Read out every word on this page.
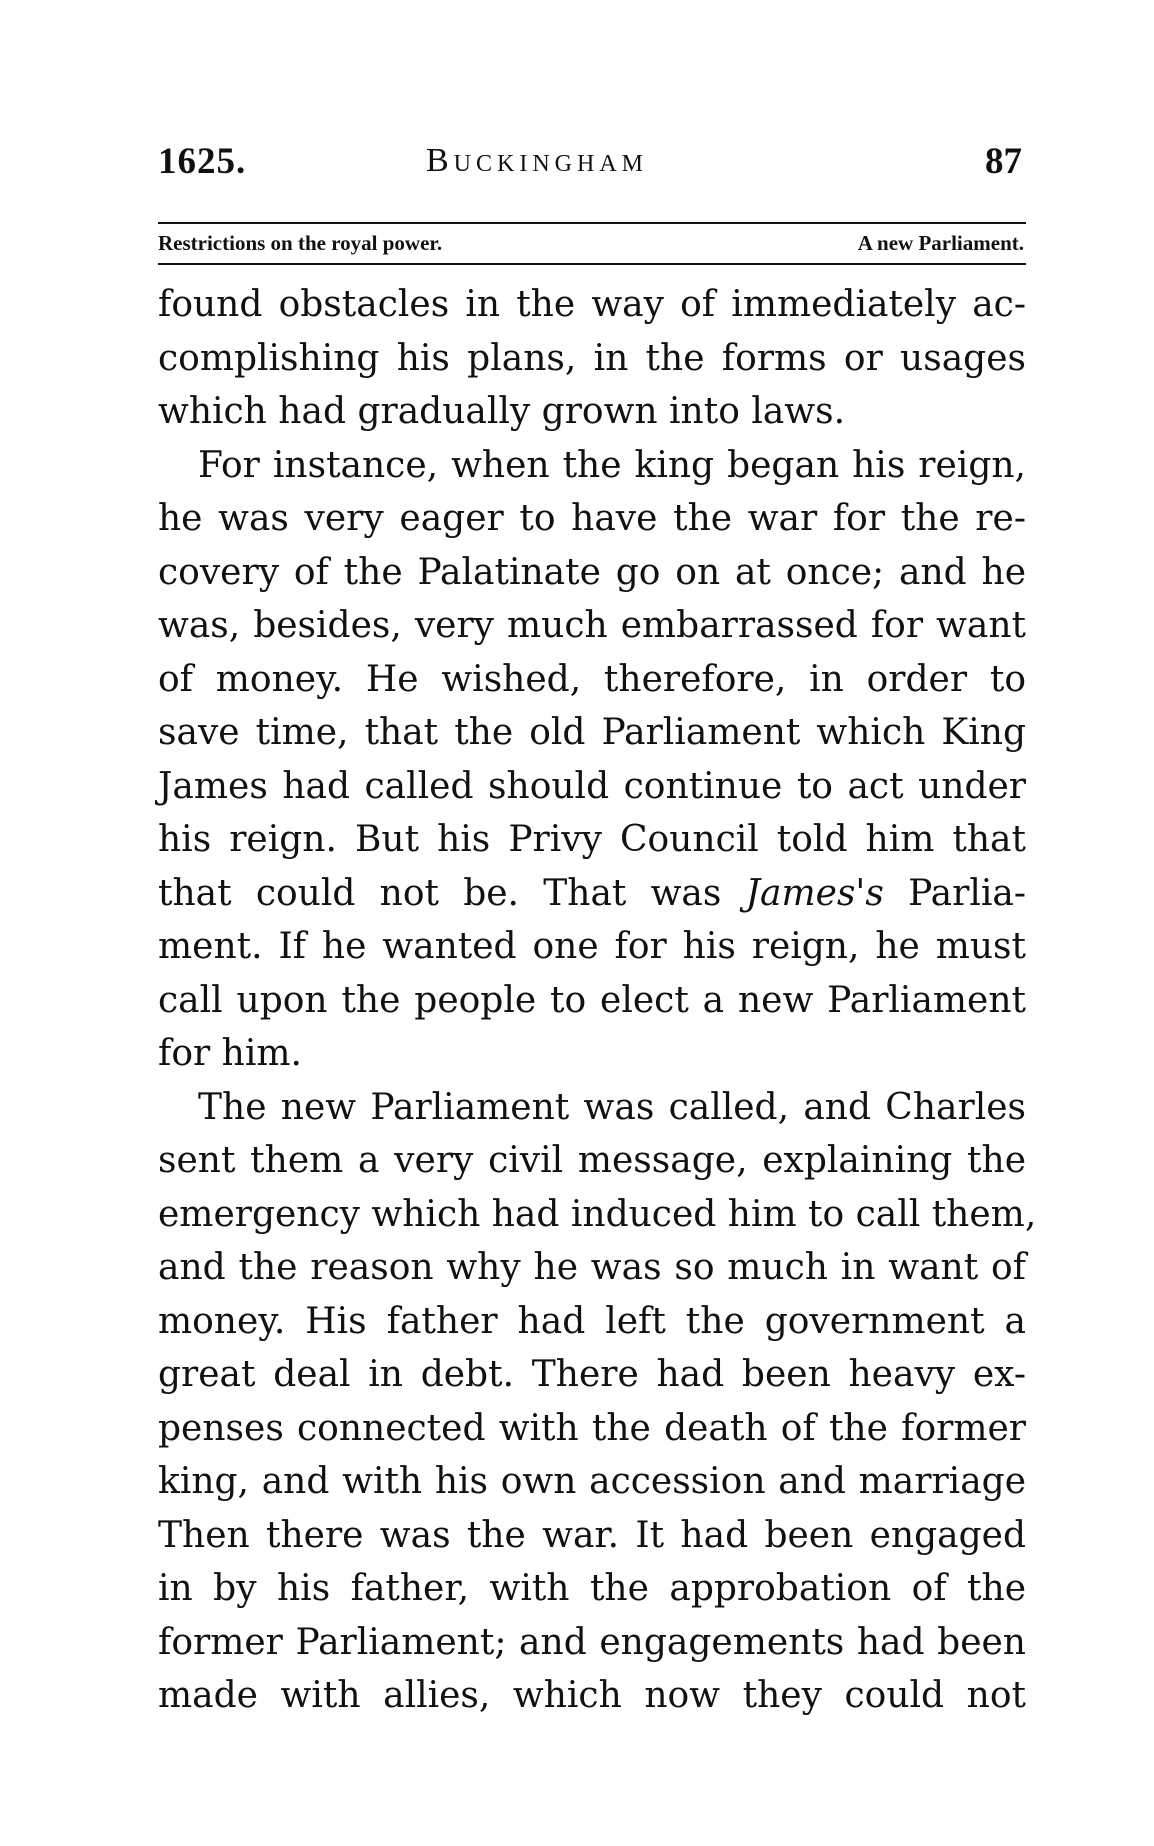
1625.	Buckingham	87
Restrictions on the royal power.	A new Parliament.
found obstacles in the way of immediately ac-
complishing his plans, in the forms or usages
which had gradually grown into laws.
For instance, when the king began his reign,
he was very eager to have the war for the re-
covery of the Palatinate go on at once; and he
was, besides, very much embarrassed for want
of money. He wished, therefore, in order to
save time, that the old Parliament which King
James had called should continue to act under
his reign. But his Privy Council told him that
that could not be. That was James's Parlia-
ment. If he wanted one for his reign, he must
call upon the people to elect a new Parliament
for him.
The new Parliament was called, and Charles
sent them a very civil message, explaining the
emergency which had induced him to call them,
and the reason why he was so much in want of
money. His father had left the government a
great deal in debt. There had been heavy ex-
penses connected with the death of the former
king, and with his own accession and marriage
Then there was the war. It had been engaged
in by his father, with the approbation of the
former Parliament; and engagements had been
made with allies, which now they could not
